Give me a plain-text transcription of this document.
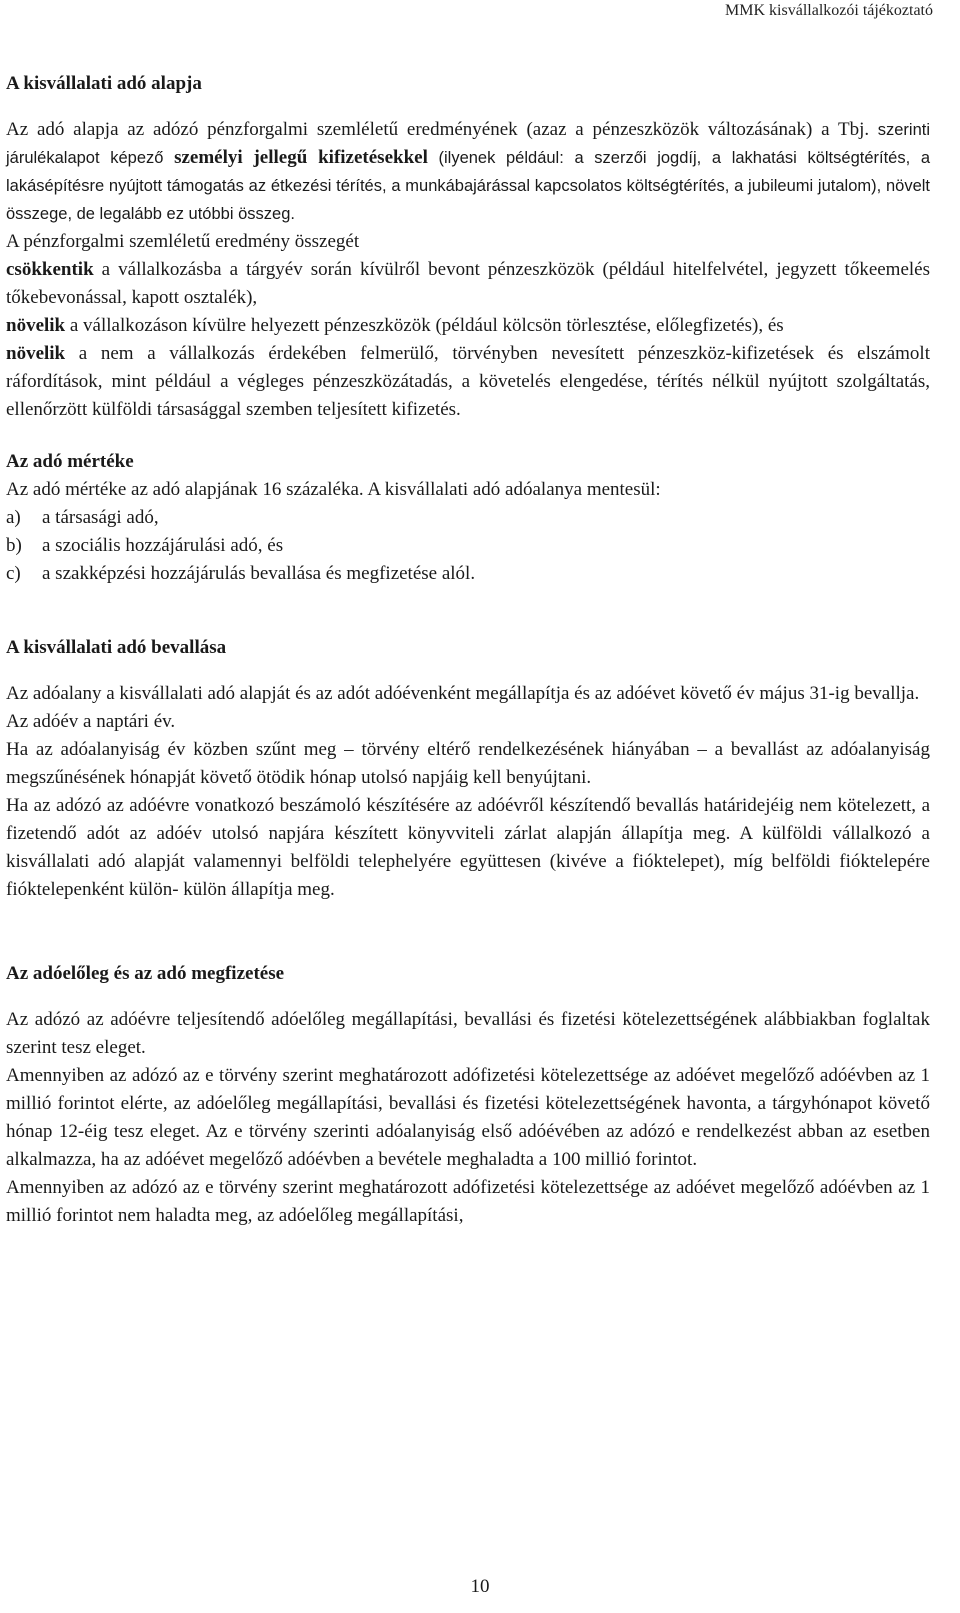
MMK kisvállalkozói tájékoztató
A kisvállalati adó alapja

Az adó alapja az adózó pénzforgalmi szemléletű eredményének (azaz a pénzeszközök változásának) a Tbj. szerinti járulékalapot képező személyi jellegű kifizetésekkel (ilyenek például: a szerzői jogdíj, a lakhatási költségtérítés, a lakásépítésre nyújtott támogatás az étkezési térítés, a munkábajárással kapcsolatos költségtérítés, a jubileumi jutalom), növelt összege, de legalább ez utóbbi összeg.

A pénzforgalmi szemléletű eredmény összegét

csökkentik a vállalkozásba a tárgyév során kívülről bevont pénzeszközök (például hitelfelvétel, jegyzett tőkeemelés tőkebevonással, kapott osztalék),

növelik a vállalkozáson kívülre helyezett pénzeszközök (például kölcsön törlesztése, előlegfizetés), és

növelik a nem a vállalkozás érdekében felmerülő, törvényben nevesített pénzeszköz-kifizetések és elszámolt ráfordítások, mint például a végleges pénzeszközátadás, a követelés elengedése, térítés nélkül nyújtott szolgáltatás, ellenőrzött külföldi társasággal szemben teljesített kifizetés.

Az adó mértéke

Az adó mértéke az adó alapjának 16 százaléka. A kisvállalati adó adóalanya mentesül:

a) a társasági adó,
b) a szociális hozzájárulási adó, és
c) a szakképzési hozzájárulás bevallása és megfizetése alól.
A kisvállalati adó bevallása

Az adóalany a kisvállalati adó alapját és az adót adóévenként megállapítja és az adóévet követő év május 31-ig bevallja.

Az adóév a naptári év.

Ha az adóalanyiság év közben szűnt meg – törvény eltérő rendelkezésének hiányában – a bevallást az adóalanyiság megszűnésének hónapját követő ötödik hónap utolsó napjáig kell benyújtani.

Ha az adózó az adóévre vonatkozó beszámoló készítésére az adóévről készítendő bevallás határidejéig nem kötelezett, a fizetendő adót az adóév utolsó napjára készített könyvviteli zárlat alapján állapítja meg. A külföldi vállalkozó a kisvállalati adó alapját valamennyi belföldi telephelyére együttesen (kivéve a fióktelepet), míg belföldi fióktelepére fióktelepenként külön- külön állapítja meg.

Az adóelőleg és az adó megfizetése

Az adózó az adóévre teljesítendő adóelőleg megállapítási, bevallási és fizetési kötelezettségének alábbiakban foglaltak szerint tesz eleget.

Amennyiben az adózó az e törvény szerint meghatározott adófizetési kötelezettsége az adóévet megelőző adóévben az 1 millió forintot elérte, az adóelőleg megállapítási, bevallási és fizetési kötelezettségének havonta, a tárgyhónapot követő hónap 12-éig tesz eleget. Az e törvény szerinti adóalanyiság első adóévében az adózó e rendelkezést abban az esetben alkalmazza, ha az adóévet megelőző adóévben a bevétele meghaladta a 100 millió forintot.

Amennyiben az adózó az e törvény szerint meghatározott adófizetési kötelezettsége az adóévet megelőző adóévben az 1 millió forintot nem haladta meg, az adóelőleg megállapítási,

10
